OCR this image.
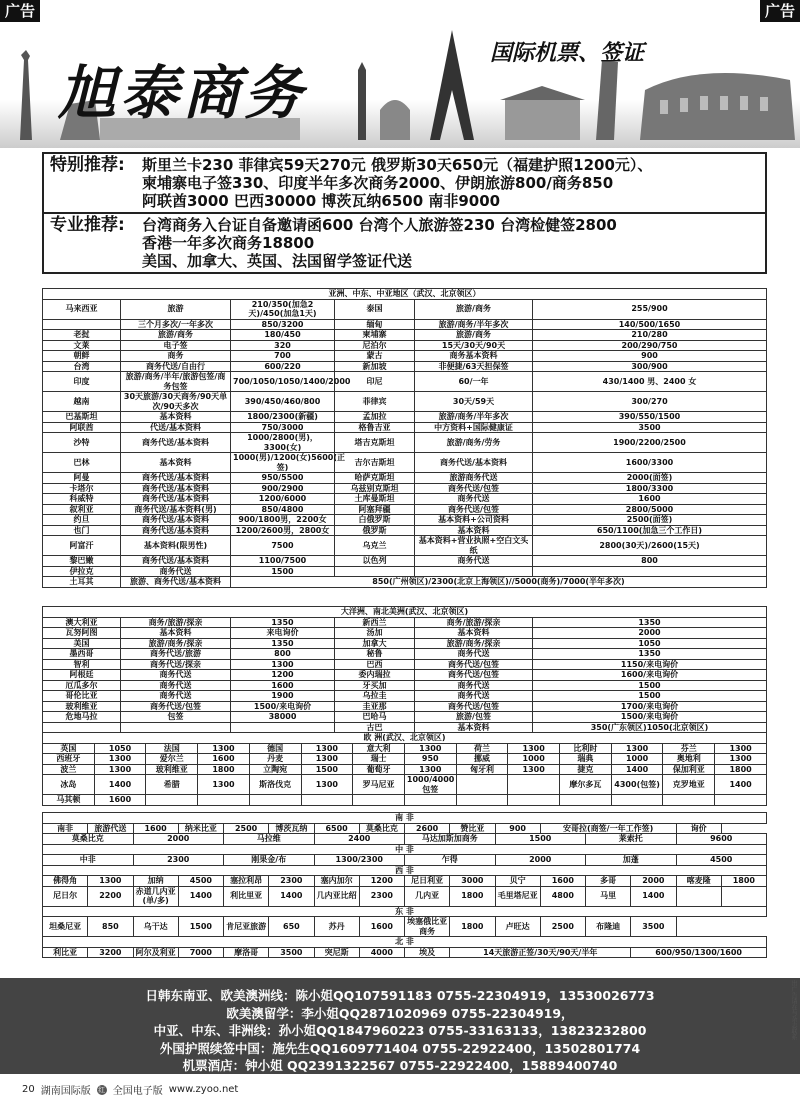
广告	广告
旭泰商务
国际机票、签证
特别推荐:	斯里兰卡230 菲律宾59天270元 俄罗斯30天650元（福建护照1200元）、
柬埔寨电子签330、印度半年多次商务2000、伊朗旅游800/商务850
阿联酋3000 巴西30000 博茨瓦纳6500 南非9000
专业推荐:	台湾商务入台证自备邀请函600 台湾个人旅游签230 台湾检健签2800
香港一年多次商务18800
美国、加拿大、英国、法国留学签证代送
亚洲、中东、中亚地区（武汉、北京领区）					
马来西亚	旅游	210/350(加急2天)/450(加急1天)	泰国	旅游/商务	255/900
	三个月多次/一年多次	850/3200	缅甸	旅游/商务/半年多次	140/500/1650
老挝	旅游/商务	180/450	柬埔寨	旅游/商务	210/280
文莱	电子签	320	尼泊尔	15天/30天/90天	200/290/750
朝鲜	商务	700	蒙古	商务基本资料	900
台湾	商务代送/自由行	600/220	新加坡	非便捷/63天担保签	300/900
印度	旅游/商务/半年/旅游包签/商务包签	700/1050/1050/1400/2000	印尼	60/一年	430/1400 男、2400 女
越南	30天旅游/30天商务/90天单次/90天多次	390/450/460/800	菲律宾	30天/59天	300/270
巴基斯坦	基本资料	1800/2300(新疆)	孟加拉	旅游/商务/半年多次	390/550/1500
阿联酋	代送/基本资料	750/3000	格鲁吉亚	中方资料+国际健康证	3500
沙特	商务代送/基本资料	1000/2800(男)，3300(女)	塔吉克斯坦	旅游/商务/劳务	1900/2200/2500
巴林	基本资料	1000(男)/1200(女)5600(正签)	吉尔吉斯坦	商务代送/基本资料	1600/3300
阿曼	商务代送/基本资料	950/5500	哈萨克斯坦	旅游商务代送	2000(面签)
卡塔尔	商务代送/基本资料	900/2900	乌兹别克斯坦	商务代送/包签	1800/3300
科威特	商务代送/基本资料	1200/6000	土库曼斯坦	商务代送	1600
叙利亚	商务代送/基本资料(男)	850/4800	阿塞拜疆	商务代送/包签	2800/5000
约旦	商务代送/基本资料	900/1800男，2200女	白俄罗斯	基本资料+公司资料	2500(面签)
也门	商务代送/基本资料	1200/2600男，2800女	俄罗斯	基本资料	650/1100(加急三个工作日)
阿富汗	基本资料(限男性)	7500	乌克兰	基本资料+营业执照+空白文头纸	2800(30天)/2600(15天)
黎巴嫩	商务代送/基本资料	1100/7500	以色列	商务代送	800
伊拉克	商务代送	1500			
土耳其	旅游、商务代送/基本资料	850(广州领区)/2300(北京上海领区)//5000(商务)/7000(半年多次)			
大洋洲、南北美洲(武汉、北京领区)					
澳大利亚	商务/旅游/探亲	1350	新西兰	商务/旅游/探亲	1350
瓦努阿图	基本资料	来电询价	汤加	基本资料	2000
美国	旅游/商务/探亲	1350	加拿大	旅游/商务/探亲	1050
墨西哥	商务代送/旅游	800	秘鲁	商务代送	1350
智利	商务代送/探亲	1300	巴西	商务代送/包签	1150/来电询价
阿根廷	商务代送	1200	委内瑞拉	商务代送/包签	1600/来电询价
厄瓜多尔	商务代送	1600	牙买加	商务代送	1500
哥伦比亚	商务代送	1900	乌拉圭	商务代送	1500
玻利维亚	商务代送/包签	1500/来电询价	圭亚那	商务代送/包签	1700/来电询价
危地马拉	包签	38000	巴哈马	旅游/包签	1500/来电询价
			古巴	基本资料	350(广东领区)1050(北京领区)
欧 洲(武汉、北京领区)													
英国	1050	法国	1300	德国	1300	意大利	1300	荷兰	1300	比利时	1300	芬兰	1300
西班牙	1300	爱尔兰	1600	丹麦	1300	瑞士	950	挪威	1000	瑞典	1000	奥地利	1300
波兰	1300	玻利维亚	1800	立陶宛	1500	葡萄牙	1300	匈牙利	1300	捷克	1400	保加利亚	1800
冰岛	1400	希腊	1300	斯洛伐克	1300	罗马尼亚	1000/4000包签			摩尔多瓦	4300(包签)	克罗地亚	1400
马其顿	1600												
南 非															
南非	旅游代送	1600	纳米比亚	2500	博茨瓦纳	6500	莫桑比克	2600	赞比亚	900	安哥拉(商签/一年工作签)			询价	
莫桑比克		2000		马拉维		2400		马达加斯加商务		1500		莱索托		9600	
中 非															
中非		2300		刚果金/布		1300/2300		乍得		2000		加蓬		4500	
西 非															
佛得角	1300	加纳	4500	塞拉利昂	2300	塞内加尔	1200	尼日利亚	3000	贝宁	1600	多哥	2000	喀麦隆	1800
尼日尔	2200	赤道几内亚(单/多)	1400	利比里亚	1400	几内亚比绍	2300	几内亚	1800	毛里塔尼亚	4800	马里	1400		
东 非															
坦桑尼亚	850	乌干达	1500	肯尼亚旅游	650	苏丹	1600	埃塞俄比亚商务	1800	卢旺达	2500	布隆迪	3500		
北 非															
利比亚	3200	阿尔及利亚	7000	摩洛哥	3500	突尼斯	4000	埃及	14天旅游正签/30天/90天/半年				600/950/1300/1600		
日韩东南亚、欧美澳洲线：陈小姐QQ107591183 0755-22304919，13530026773
欧美澳留学：李小姐QQ2871020969 0755-22304919，
中亚、中东、非洲线：孙小姐QQ1847960223 0755-33163133，13823232800
外国护照续签中国：施先生QQ1609771404 0755-22922400，13502801774
机票酒店：钟小姐 QQ2391322567 0755-22922400，15889400740
出广告请在与杂志联系
20 湖南国际版 红 全国电子版 www.zyoo.net
